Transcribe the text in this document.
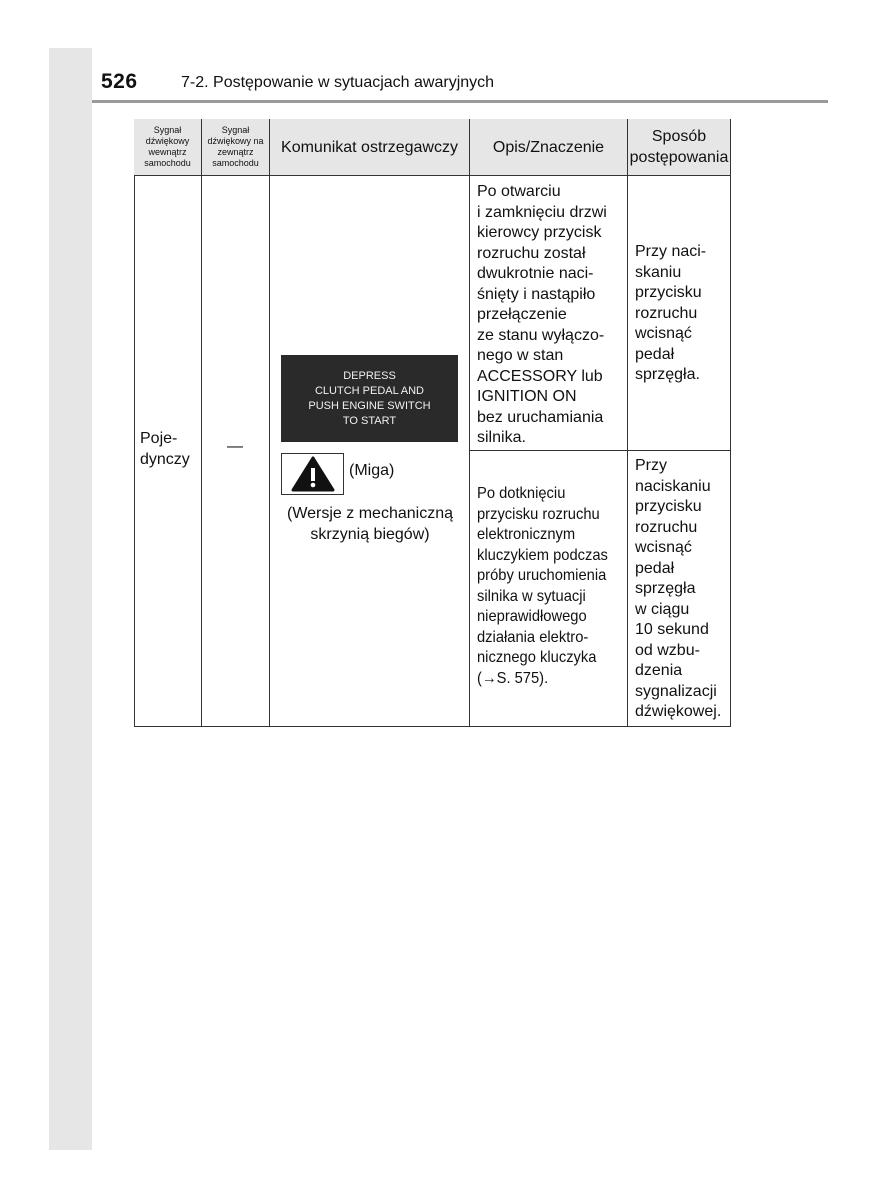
526	7-2. Postępowanie w sytuacjach awaryjnych
Sygnał dźwiękowy wewnątrz samochodu
Sygnał dźwiękowy na zewnątrz samochodu
Komunikat ostrzegawczy Opis/Znaczenie
Sposób postępowania
Poje-
dynczy
—
Po otwarciu
i zamknięciu drzwi
kierowcy przycisk
rozruchu został
dwukrotnie naci-
śnięty i nastąpiło
przełączenie
ze stanu wyłączo-
nego w stan
ACCESSORY lub
IGNITION ON
bez uruchamiania
silnika.
Przy naci-
skaniu
przycisku
rozruchu
wcisnąć
pedał
sprzęgła.
Po dotknięciu
przycisku rozruchu
elektronicznym
kluczykiem podczas
próby uruchomienia
silnika w sytuacji
nieprawidłowego
działania elektro-
nicznego kluczyka
(→S. 575).
Przy
naciskaniu
przycisku
rozruchu
wcisnąć
pedał
sprzęgła
w ciągu
10 sekund
od wzbu-
dzenia
sygnalizacji
dźwiękowej.
DEPRESS
CLUTCH PEDAL AND
PUSH ENGINE SWITCH
TO START
(Miga)
(Wersje z mechaniczną skrzynią biegów)
